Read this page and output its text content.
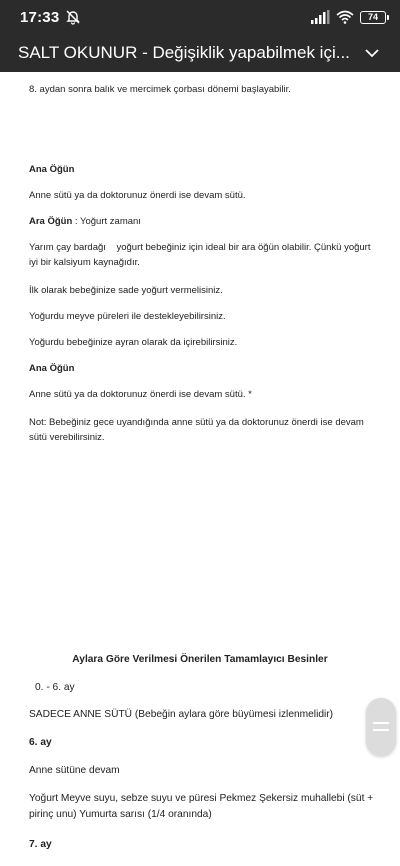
17:33	74
SALT OKUNUR - Değişiklik yapabilmek içi...
8. aydan sonra balık ve mercimek çorbası dönemi başlayabilir.
Ana Öğün
Anne sütü ya da doktorunuz önerdi ise devam sütü.
Ara Öğün : Yoğurt zamanı
Yarım çay bardağı    yoğurt bebeğiniz için ideal bir ara öğün olabilir. Çünkü yoğurt iyi bir kalsiyum kaynağıdır.
İlk olarak bebeğinize sade yoğurt vermelisiniz.
Yoğurdu meyve püreleri ile destekleyebilirsiniz.
Yoğurdu bebeğinize ayran olarak da içirebilirsiniz.
Ana Öğün
Anne sütü ya da doktorunuz önerdi ise devam sütü. *
Not: Bebeğiniz gece uyandığında anne sütü ya da doktorunuz önerdi ise devam sütü verebilirsiniz.
Aylara Göre Verilmesi Önerilen Tamamlayıcı Besinler
0. - 6. ay
SADECE ANNE SÜTÜ (Bebeğin aylara göre büyümesi izlenmelidir)
6. ay
Anne sütüne devam
Yoğurt Meyve suyu, sebze suyu ve püresi Pekmez Şekersiz muhallebi (süt + pirinç unu) Yumurta sarısı (1/4 oranında)
7. ay
